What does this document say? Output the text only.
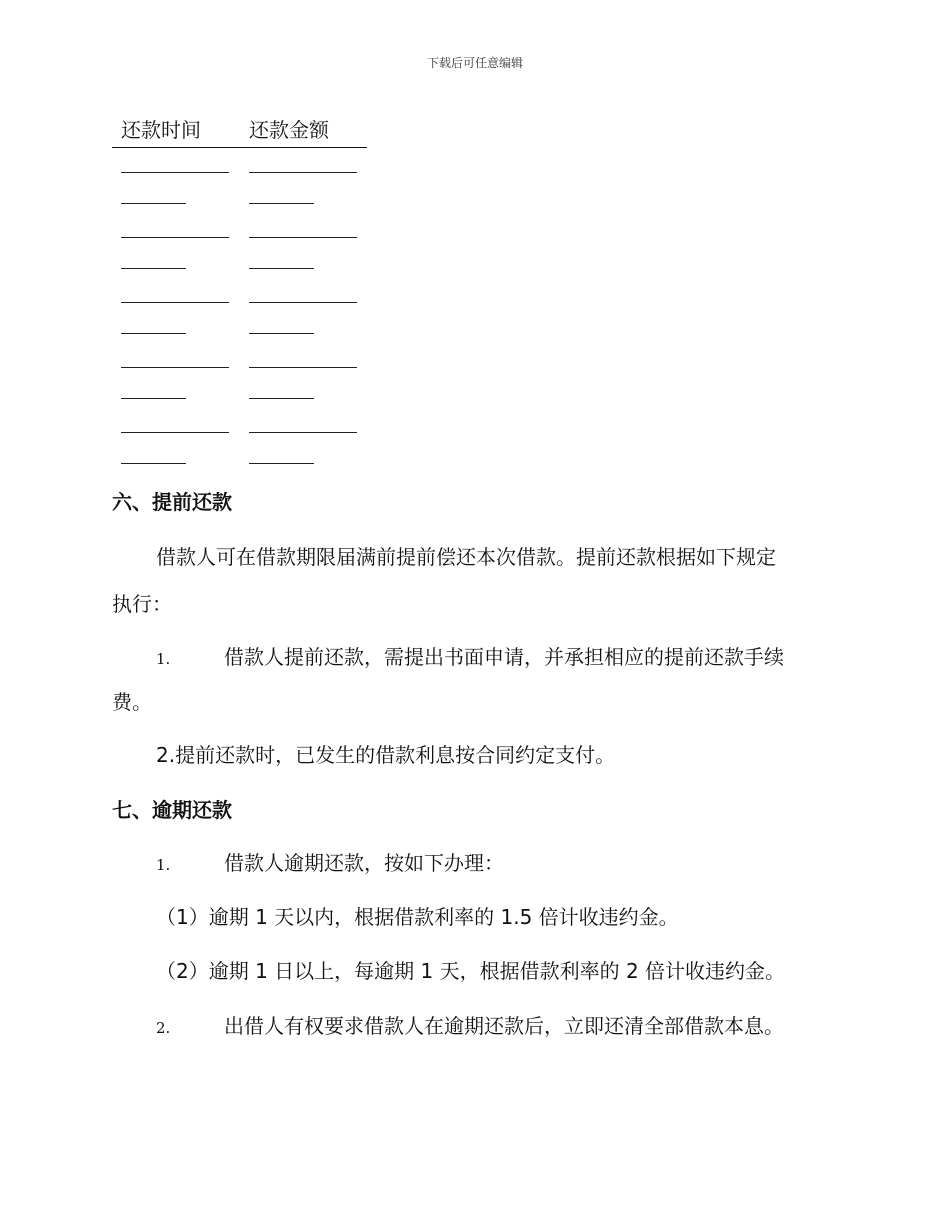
下载后可任意编辑
还款时间	还款金额
六、提前还款
借款人可在借款期限届满前提前偿还本次借款。提前还款根据如下规定
执行：
1.	借款人提前还款，需提出书面申请，并承担相应的提前还款手续
费。
2.提前还款时，已发生的借款利息按合同约定支付。
七、逾期还款
1.	借款人逾期还款，按如下办理：
（1）逾期 1 天以内，根据借款利率的 1.5 倍计收违约金。
（2）逾期 1 日以上，每逾期 1 天，根据借款利率的 2 倍计收违约金。
2.	出借人有权要求借款人在逾期还款后，立即还清全部借款本息。
